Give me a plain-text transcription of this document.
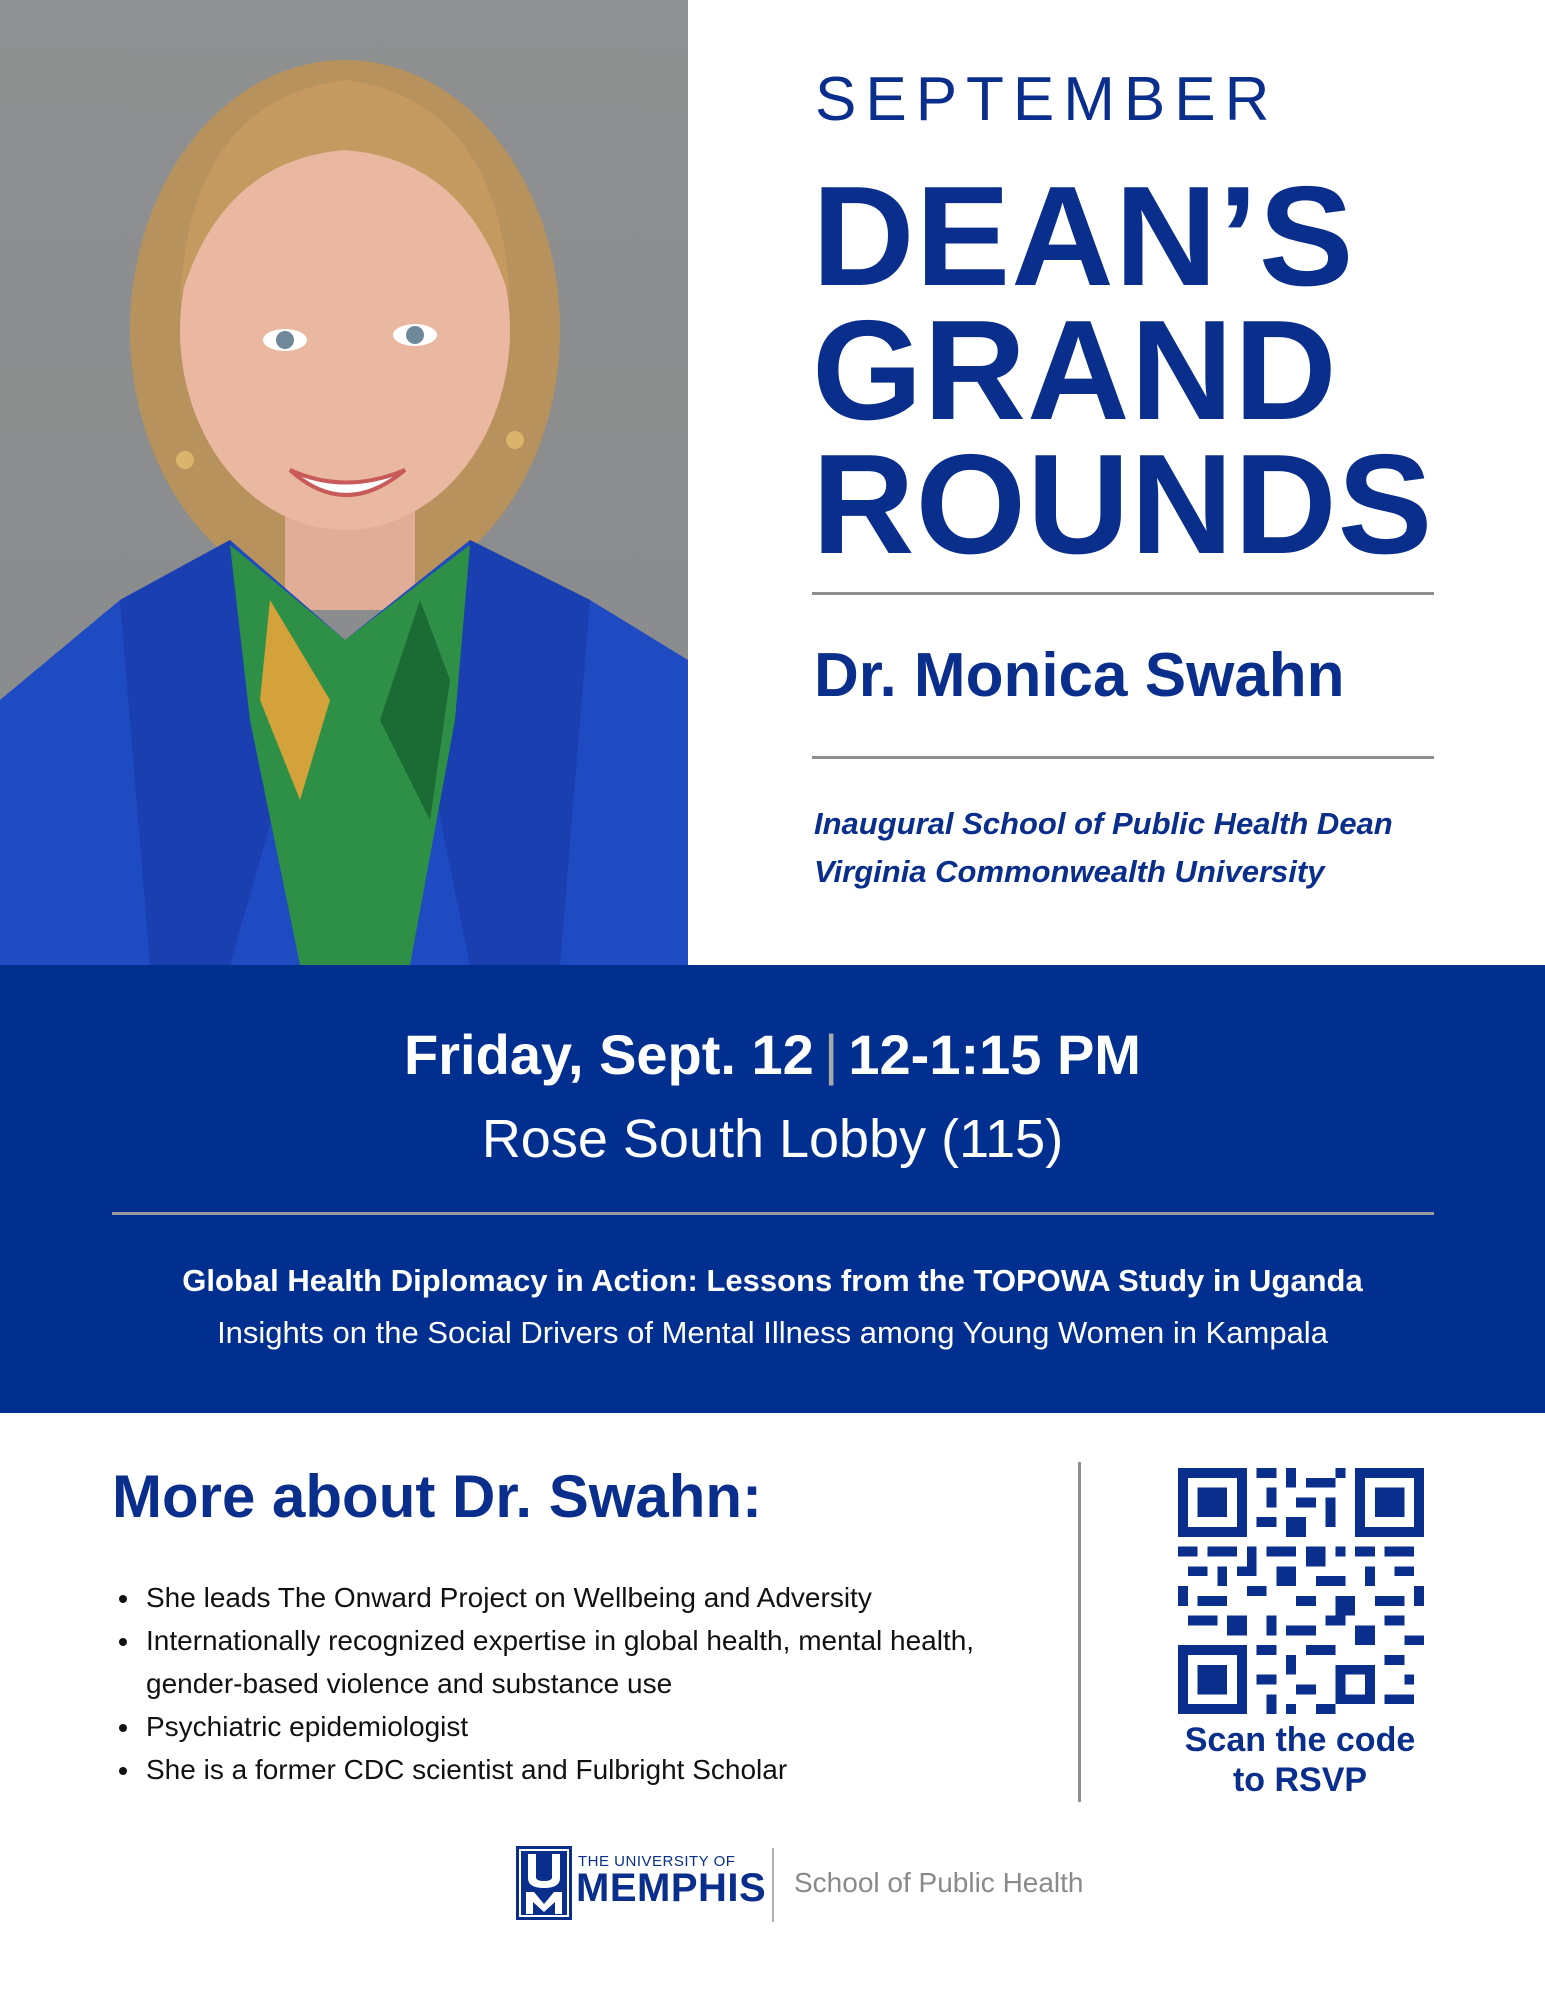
SEPTEMBER
DEAN’S
GRAND
ROUNDS
Dr. Monica Swahn
Inaugural School of Public Health Dean
Virginia Commonwealth University
Friday, Sept. 12 | 12-1:15 PM
Rose South Lobby (115)
Global Health Diplomacy in Action: Lessons from the TOPOWA Study in Uganda
Insights on the Social Drivers of Mental Illness among Young Women in Kampala
More about Dr. Swahn:
• She leads The Onward Project on Wellbeing and Adversity
• Internationally recognized expertise in global health, mental health, gender-based violence and substance use
• Psychiatric epidemiologist
• She is a former CDC scientist and Fulbright Scholar
Scan the code
to RSVP
THE UNIVERSITY OF
MEMPHIS School of Public Health
